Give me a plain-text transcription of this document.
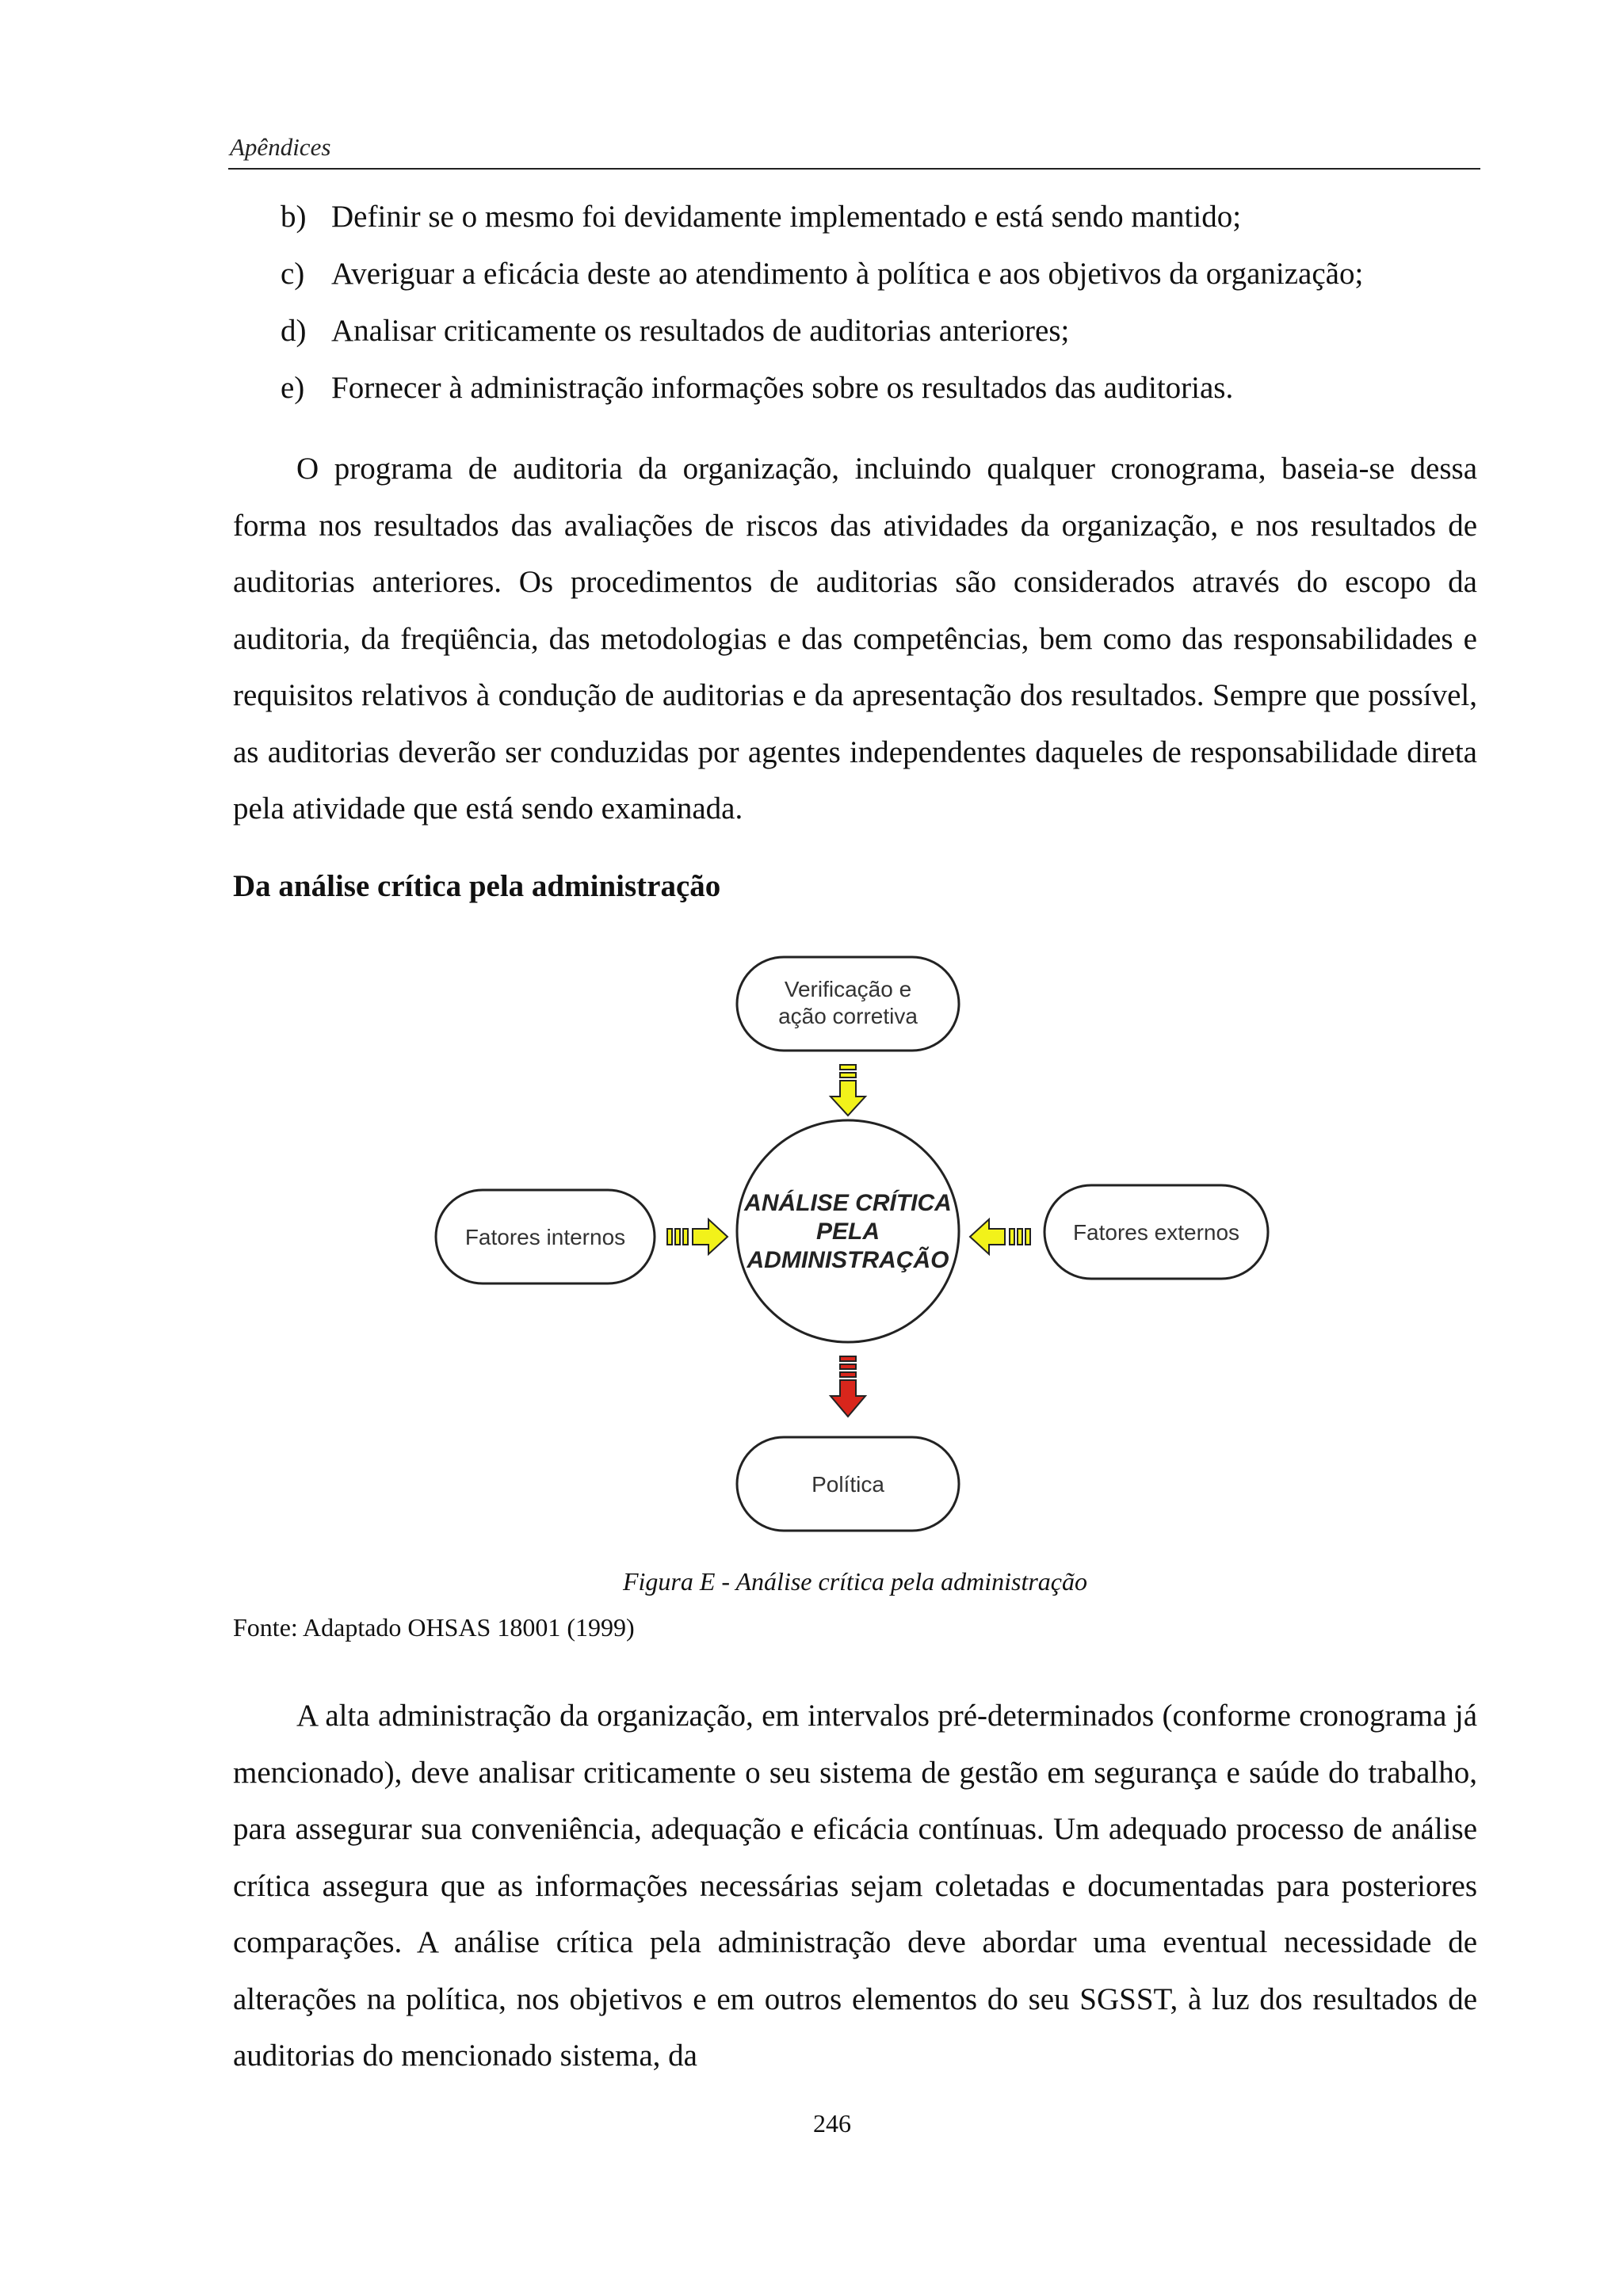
Apêndices
b) Definir se o mesmo foi devidamente implementado e está sendo mantido;
c) Averiguar a eficácia deste ao atendimento à política e aos objetivos da organização;
d) Analisar criticamente os resultados de auditorias anteriores;
e) Fornecer à administração informações sobre os resultados das auditorias.

O programa de auditoria da organização, incluindo qualquer cronograma, baseia-se dessa forma nos resultados das avaliações de riscos das atividades da organização, e nos resultados de auditorias anteriores. Os procedimentos de auditorias são considerados através do escopo da auditoria, da freqüência, das metodologias e das competências, bem como das responsabilidades e requisitos relativos à condução de auditorias e da apresentação dos resultados. Sempre que possível, as auditorias deverão ser conduzidas por agentes independentes daqueles de responsabilidade direta pela atividade que está sendo examinada.

Da análise crítica pela administração
Verificação e
ação corretiva
ANÁLISE CRÍTICA
PELA
ADMINISTRAÇÃO
Fatores internos	Fatores externos
Política

Figura E - Análise crítica pela administração

Fonte: Adaptado OHSAS 18001 (1999)

A alta administração da organização, em intervalos pré-determinados (conforme cronograma já mencionado), deve analisar criticamente o seu sistema de gestão em segurança e saúde do trabalho, para assegurar sua conveniência, adequação e eficácia contínuas. Um adequado processo de análise crítica assegura que as informações necessárias sejam coletadas e documentadas para posteriores comparações. A análise crítica pela administração deve abordar uma eventual necessidade de alterações na política, nos objetivos e em outros elementos do seu SGSST, à luz dos resultados de auditorias do mencionado sistema, da

246
